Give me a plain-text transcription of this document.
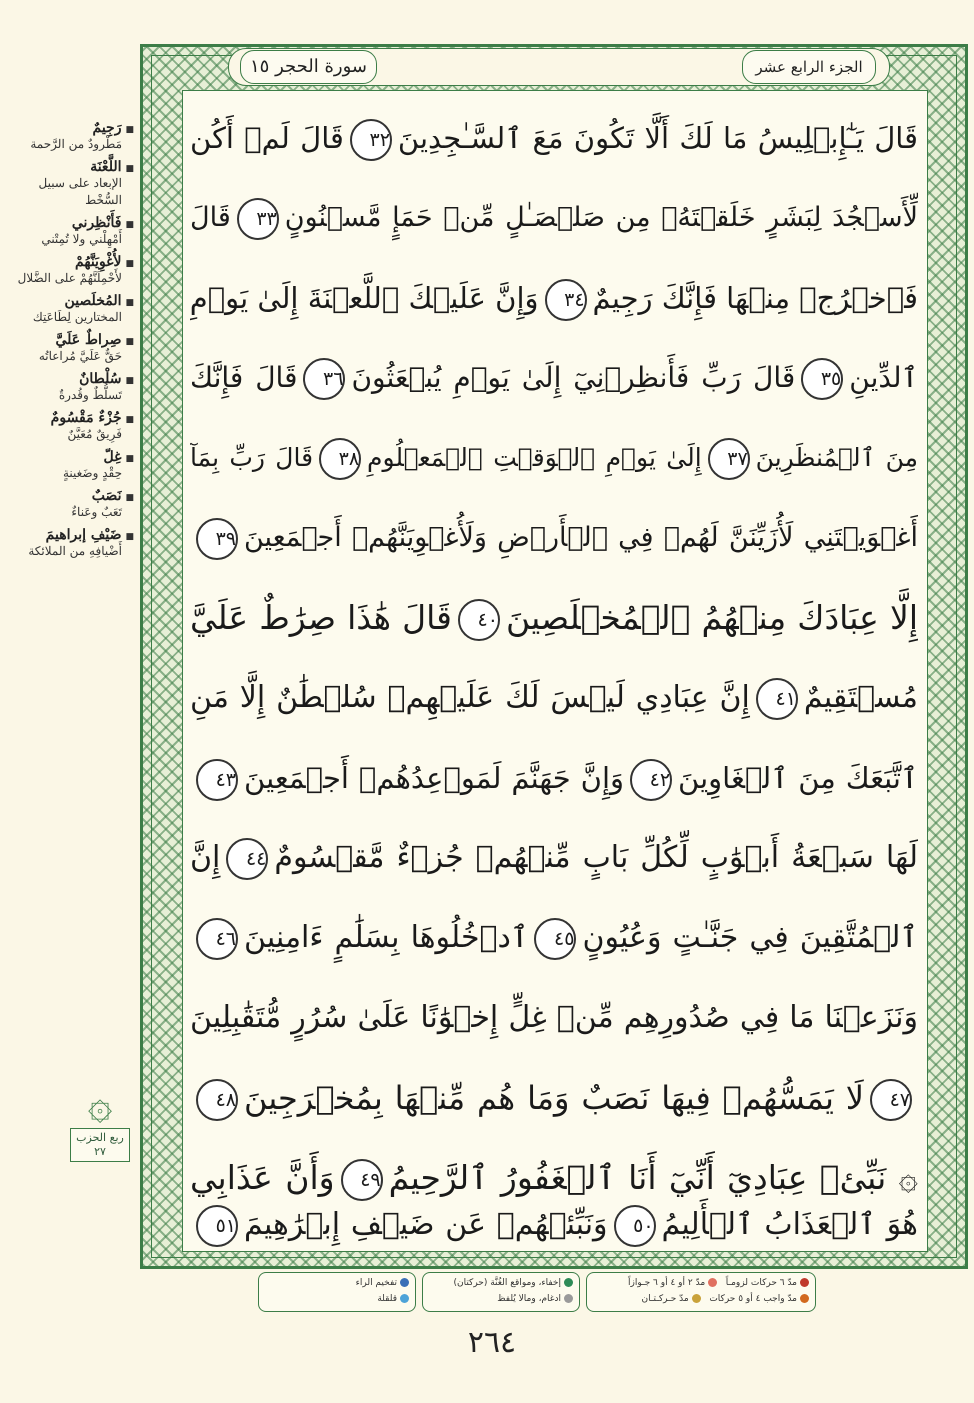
سورة الحجر ١٥	الجزء الرابع عشر
قَالَ يَـٰٓإِبۡلِيسُ مَا لَكَ أَلَّا تَكُونَ مَعَ ٱلسَّـٰجِدِينَ٣٢قَالَ لَمۡ أَكُن
لِّأَسۡجُدَ لِبَشَرٍ خَلَقۡتَهُۥ مِن صَلۡصَـٰلٍ مِّنۡ حَمَإٍ مَّسۡنُونٍ٣٣قَالَ
فَٱخۡرُجۡ مِنۡهَا فَإِنَّكَ رَجِيمٌ٣٤وَإِنَّ عَلَيۡكَ ٱللَّعۡنَةَ إِلَىٰ يَوۡمِ
ٱلدِّينِ٣٥قَالَ رَبِّ فَأَنظِرۡنِيٓ إِلَىٰ يَوۡمِ يُبۡعَثُونَ٣٦قَالَ فَإِنَّكَ
مِنَ ٱلۡمُنظَرِينَ٣٧إِلَىٰ يَوۡمِ ٱلۡوَقۡتِ ٱلۡمَعۡلُومِ٣٨قَالَ رَبِّ بِمَآ
أَغۡوَيۡتَنِي لَأُزَيِّنَنَّ لَهُمۡ فِي ٱلۡأَرۡضِ وَلَأُغۡوِيَنَّهُمۡ أَجۡمَعِينَ٣٩
إِلَّا عِبَادَكَ مِنۡهُمُ ٱلۡمُخۡلَصِينَ٤٠قَالَ هَٰذَا صِرَٰطٌ عَلَيَّ
مُسۡتَقِيمٌ٤١إِنَّ عِبَادِي لَيۡسَ لَكَ عَلَيۡهِمۡ سُلۡطَٰنٌ إِلَّا مَنِ
ٱتَّبَعَكَ مِنَ ٱلۡغَاوِينَ٤٢وَإِنَّ جَهَنَّمَ لَمَوۡعِدُهُمۡ أَجۡمَعِينَ٤٣
لَهَا سَبۡعَةُ أَبۡوَٰبٍ لِّكُلِّ بَابٍ مِّنۡهُمۡ جُزۡءٌ مَّقۡسُومٌ٤٤إِنَّ
ٱلۡمُتَّقِينَ فِي جَنَّـٰتٍ وَعُيُونٍ٤٥ٱدۡخُلُوهَا بِسَلَٰمٍ ءَامِنِينَ٤٦
وَنَزَعۡنَا مَا فِي صُدُورِهِم مِّنۡ غِلٍّ إِخۡوَٰنًا عَلَىٰ سُرُرٍ مُّتَقَٰبِلِينَ
٤٧لَا يَمَسُّهُمۡ فِيهَا نَصَبٌ وَمَا هُم مِّنۡهَا بِمُخۡرَجِينَ٤٨
۞ نَبِّئۡ عِبَادِيٓ أَنِّيٓ أَنَا ٱلۡغَفُورُ ٱلرَّحِيمُ٤٩وَأَنَّ عَذَابِي
هُوَ ٱلۡعَذَابُ ٱلۡأَلِيمُ٥٠وَنَبِّئۡهُمۡ عَن ضَيۡفِ إِبۡرَٰهِيمَ٥١
■ رَجِيمٌ
مَطْرودٌ من الرَّحمة
■ اللَّعْنَة
الإبعاد على سبيل السُّخْط
■ فَأَنْظِرني
أَمْهِلْني ولا تُمِتْني
■ لأُغْوِيَنَّهُمْ
لأَحْمِلَنَّهُمْ على الضَّلال
■ المُخلَصين
المختارين لِطَاعَتِك
■ صِراطٌ عَلَيَّ
حَقٌّ عَلَيَّ مُراعاتُه
■ سُلْطانٌ
تَسلُّطٌ وقُدرةٌ
■ جُزْءٌ مَقْسُومٌ
فَرِيقٌ مُعَيَّنٌ
■ غِلّ
حِقْدٍ وضَغينةٍ
■ نَصَبٌ
تَعَبٌ وعَناءٌ
■ ضَيْفِ إبراهيمَ
أَضْيافِهِ من الملائكة
۞
ربع الحزب
٢٧
تفخيم الراء
قلقلة
إخفاء، ومواقع الغُنَّة (حركتان)
ادغام، ومالا يُلفظ
مدّ ٦ حركات لزومـاً   مدّ ٢ أو ٤ أو ٦ جـوازاً
مدّ واجب ٤ أو ٥ حركات   مدّ حـركـتـان
٢٦٤
